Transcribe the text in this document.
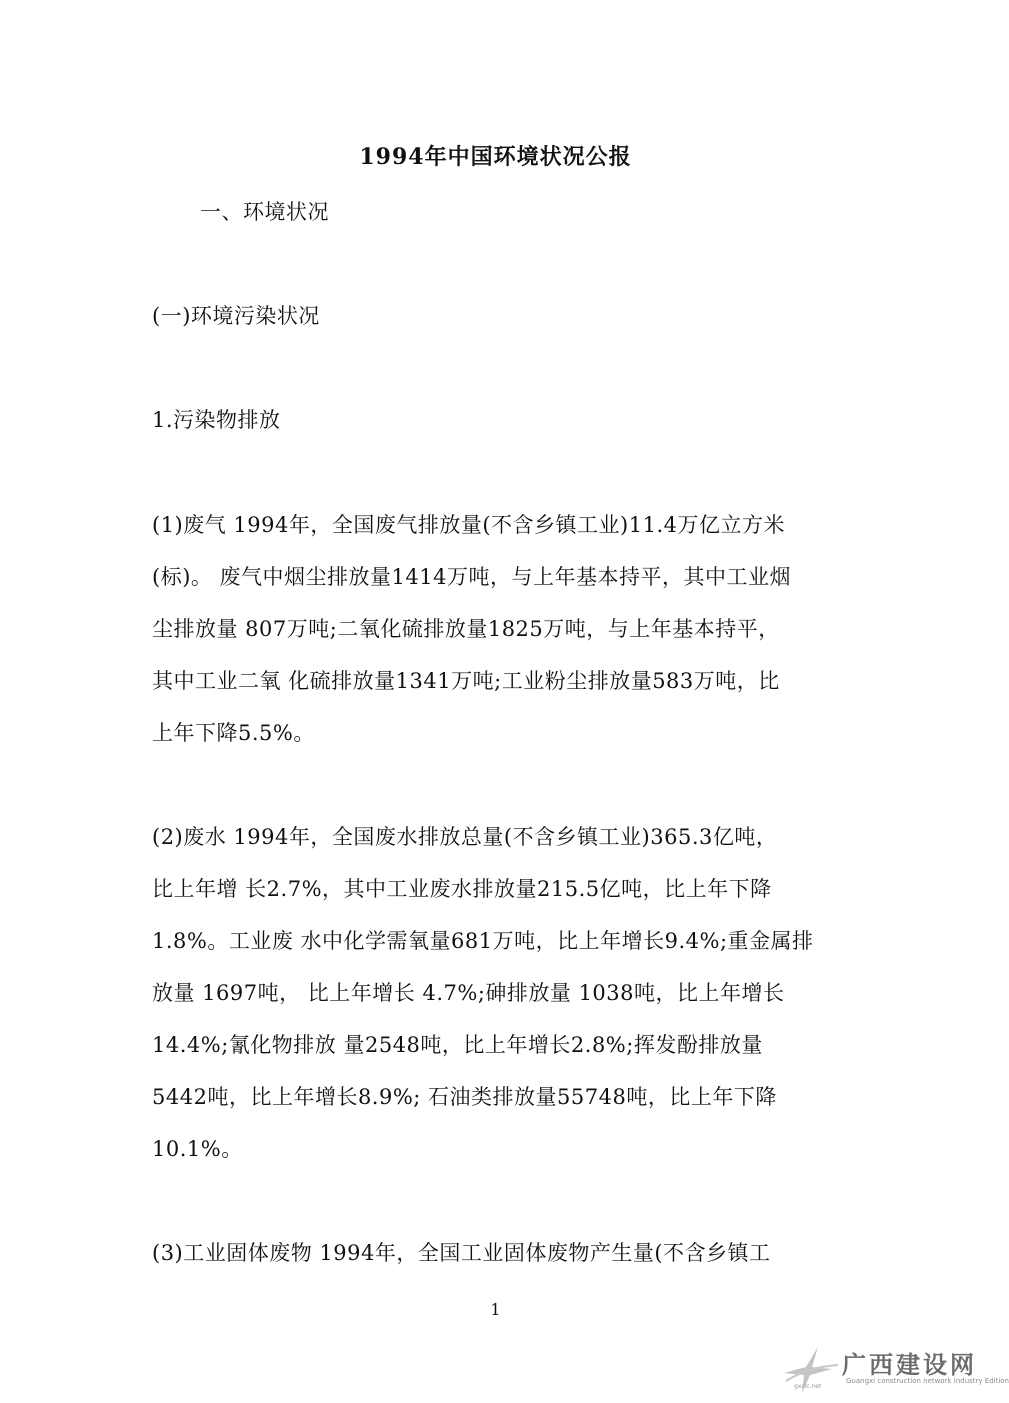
1994年中国环境状况公报
一、环境状况
(一)环境污染状况
1.污染物排放
(1)废气 1994年，全国废气排放量(不含乡镇工业)11.4万亿立方米
(标)。 废气中烟尘排放量1414万吨，与上年基本持平，其中工业烟
尘排放量 807万吨;二氧化硫排放量1825万吨，与上年基本持平，
其中工业二氧 化硫排放量1341万吨;工业粉尘排放量583万吨，比
上年下降5.5%。
(2)废水 1994年，全国废水排放总量(不含乡镇工业)365.3亿吨，
比上年增 长2.7%，其中工业废水排放量215.5亿吨，比上年下降
1.8%。工业废 水中化学需氧量681万吨，比上年增长9.4%;重金属排
放量 1697吨， 比上年增长 4.7%;砷排放量 1038吨，比上年增长
14.4%;氰化物排放 量2548吨，比上年增长2.8%;挥发酚排放量
5442吨，比上年增长8.9%; 石油类排放量55748吨，比上年下降
10.1%。
(3)工业固体废物 1994年，全国工业固体废物产生量(不含乡镇工
1
广西建设网
Guangxi construction network Industry Edition
gxcic.net
